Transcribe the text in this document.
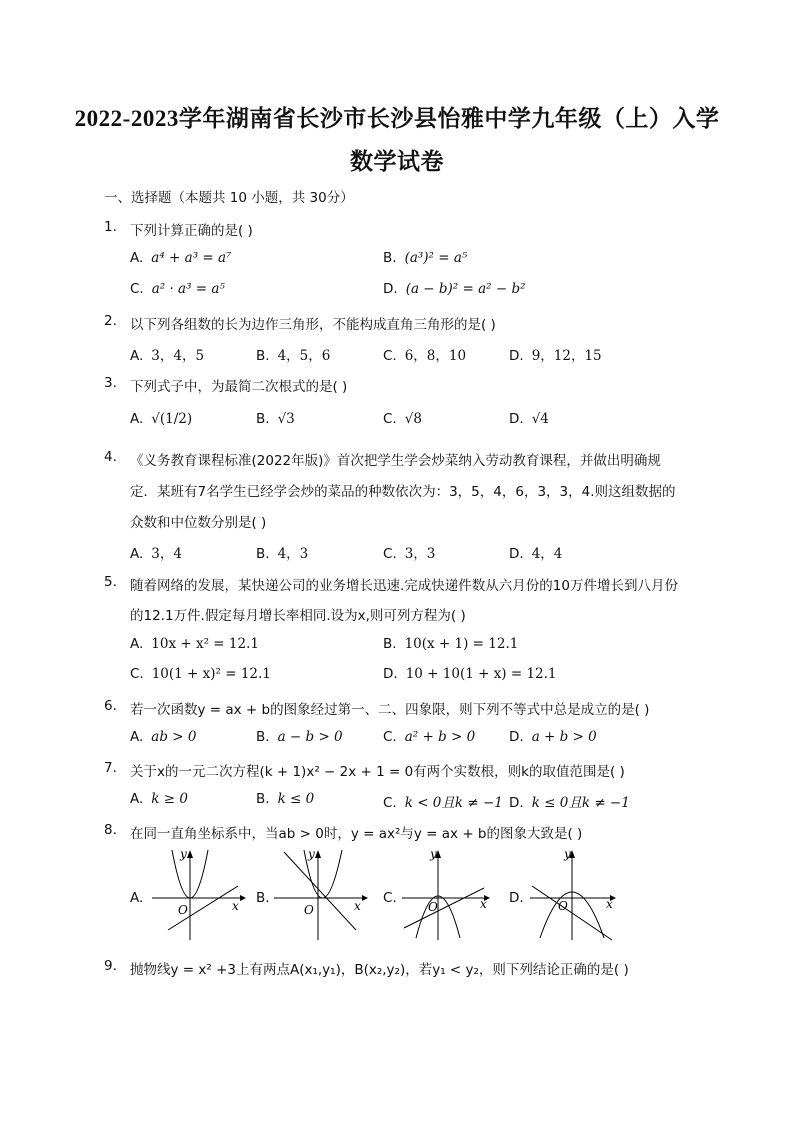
2022-2023学年湖南省长沙市长沙县怡雅中学九年级（上）入学
数学试卷
一、选择题（本题共 10 小题，共 30分）
1. 下列计算正确的是( )
A. a⁴ + a³ = a⁷	B. (a³)² = a⁵
C. a² · a³ = a⁵	D. (a − b)² = a² − b²
2. 以下列各组数的长为边作三角形，不能构成直角三角形的是( )
A. 3，4，5	B. 4，5，6	C. 6，8，10	D. 9，12，15
3. 下列式子中，为最简二次根式的是( )
A. √(1/2)	B. √3	C. √8	D. √4
4. 《义务教育课程标准(2022年版)》首次把学生学会炒菜纳入劳动教育课程，并做出明确规
定．某班有7名学生已经学会炒的菜品的种数依次为：3，5，4，6，3，3，4.则这组数据的
众数和中位数分别是( )
A. 3，4	B. 4，3	C. 3，3	D. 4，4
5. 随着网络的发展，某快递公司的业务增长迅速.完成快递件数从六月份的10万件增长到八月份
的12.1万件.假定每月增长率相同.设为x,则可列方程为( )
A. 10x + x² = 12.1	B. 10(x + 1) = 12.1
C. 10(1 + x)² = 12.1	D. 10 + 10(1 + x) = 12.1
6. 若一次函数y = ax + b的图象经过第一、二、四象限，则下列不等式中总是成立的是( )
A. ab > 0	B. a − b > 0	C. a² + b > 0	D. a + b > 0
7. 关于x的一元二次方程(k + 1)x² − 2x + 1 = 0有两个实数根，则k的取值范围是( )
A. k ≥ 0	B. k ≤ 0	C. k < 0且k ≠ −1 D. k ≤ 0且k ≠ −1
8. 在同一直角坐标系中，当ab > 0时，y = ax²与y = ax + b的图象大致是( )
A.
O	x
y
B.
O	x
y
C.
O	x
y
D.	O	x
y
9. 抛物线y = x² +3上有两点A(x₁,y₁)，B(x₂,y₂)，若y₁ < y₂，则下列结论正确的是( )
